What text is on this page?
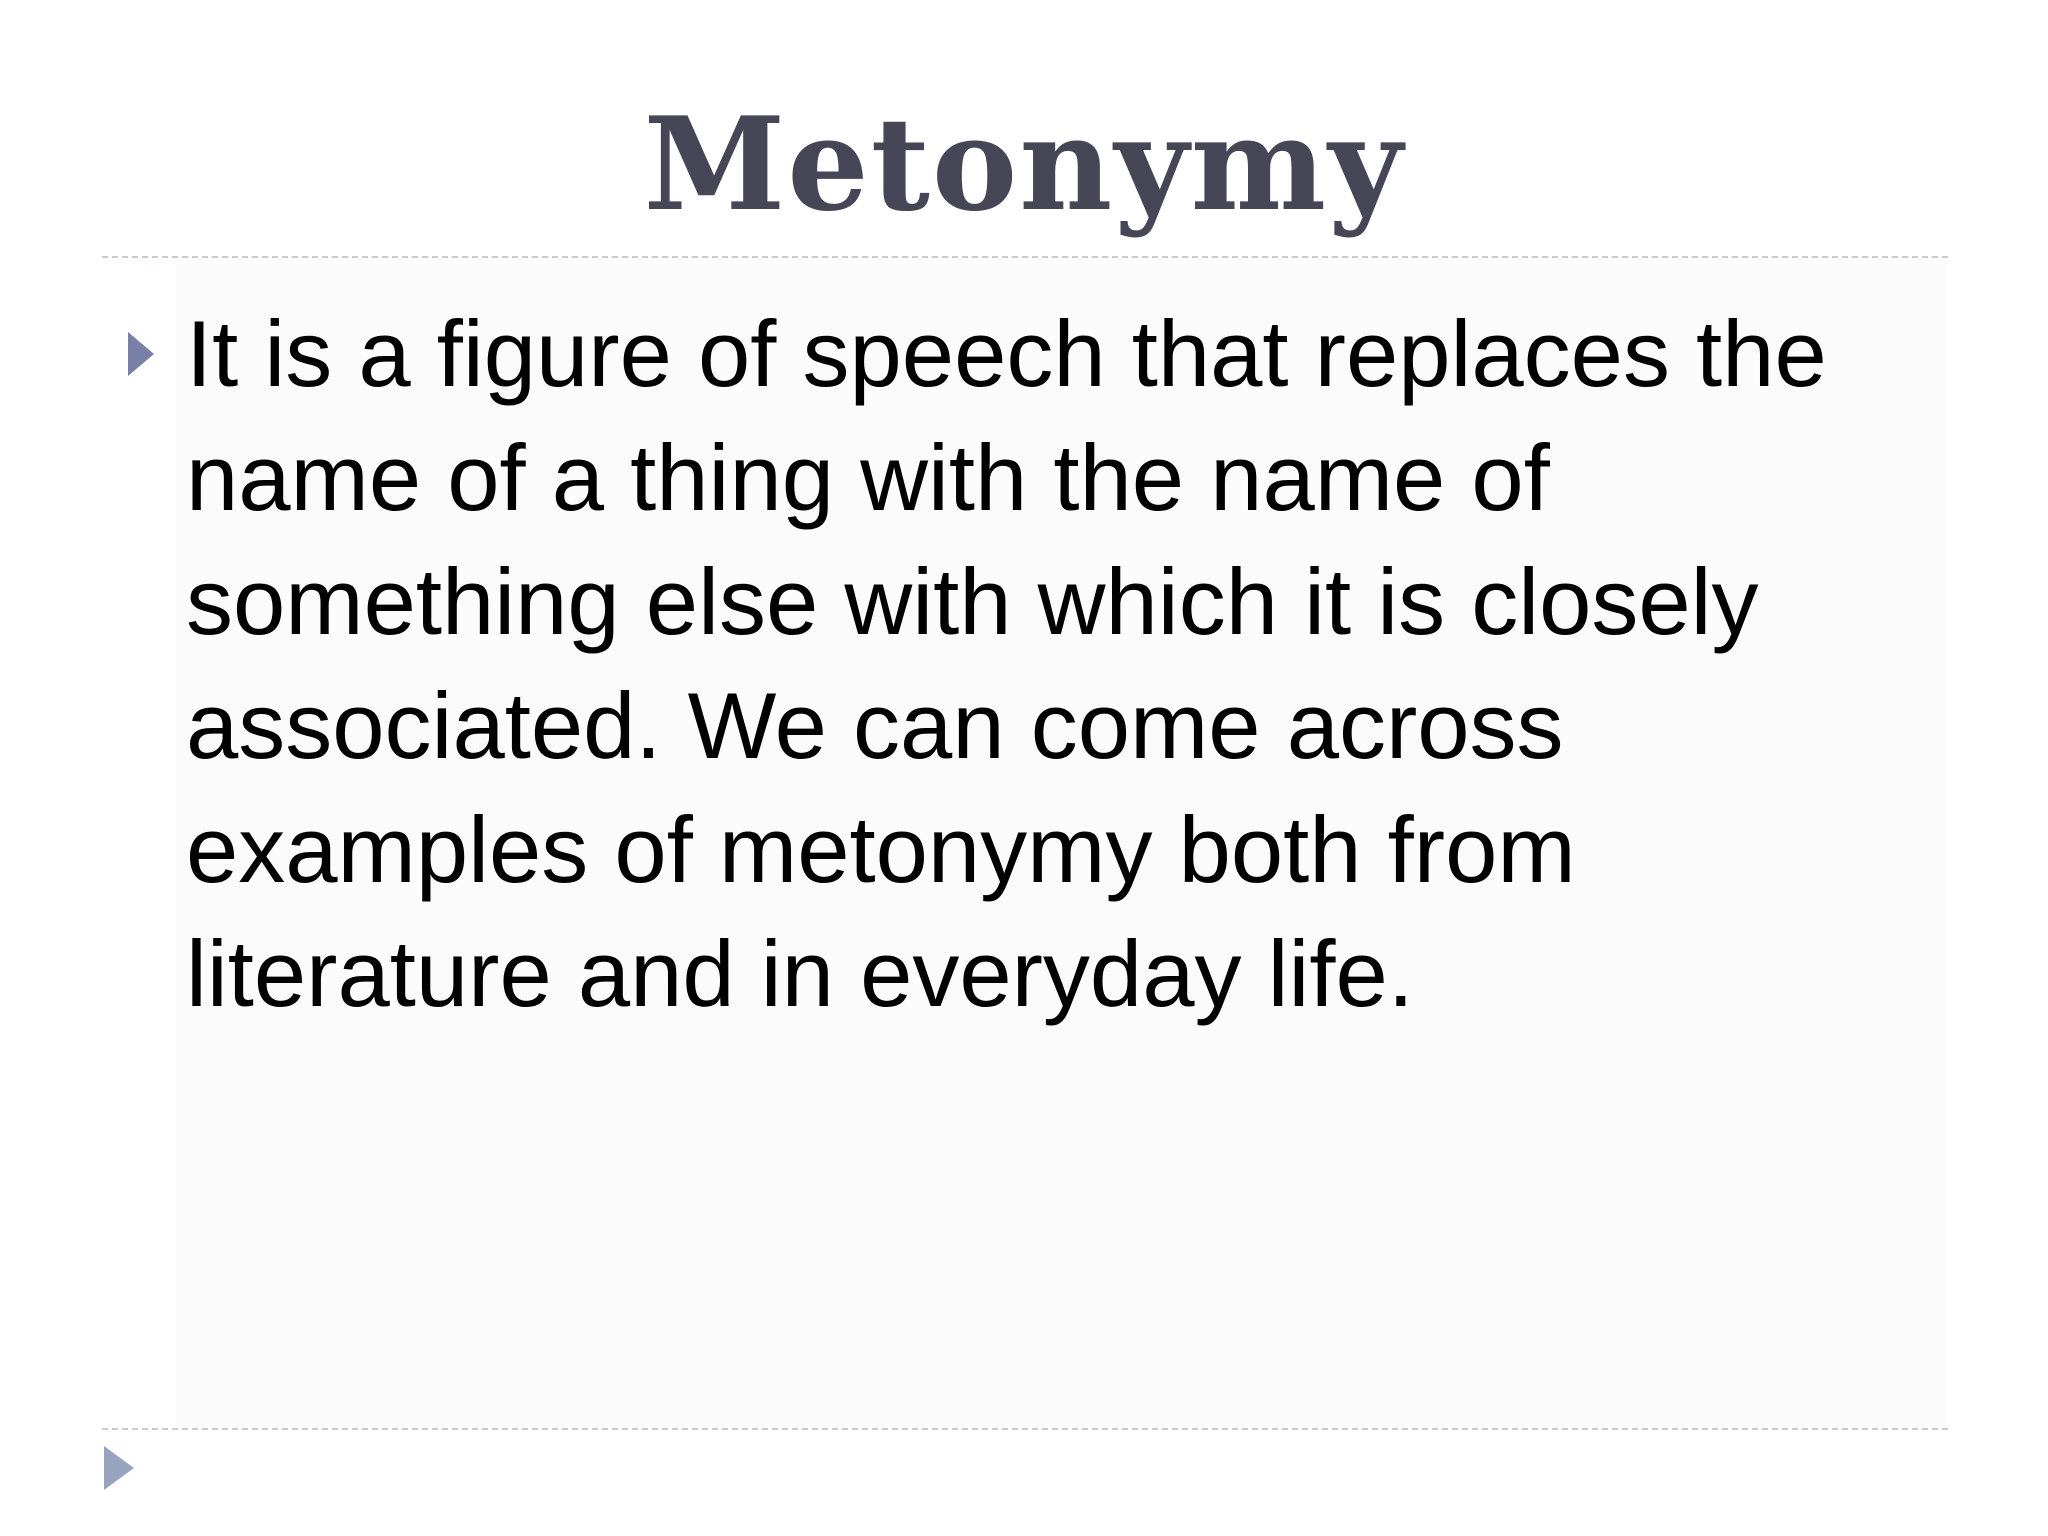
Metonymy
It is a figure of speech that replaces the name of a thing with the name of something else with which it is closely associated. We can come across examples of metonymy both from literature and in everyday life.
